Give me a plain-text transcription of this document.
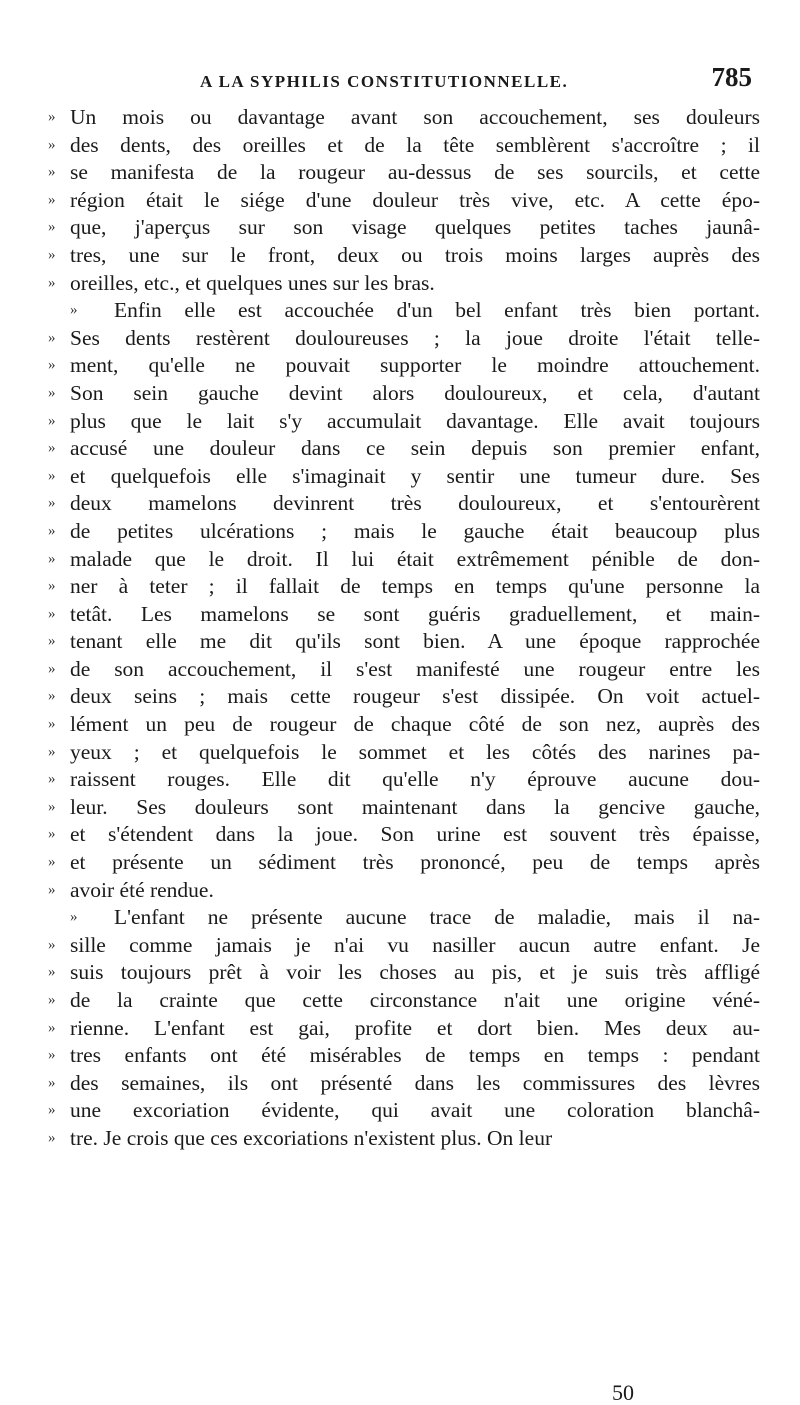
A LA SYPHILIS CONSTITUTIONNELLE.	785
» Un mois ou davantage avant son accouchement, ses douleurs
» des dents, des oreilles et de la tête semblèrent s'accroître ; il
» se manifesta de la rougeur au-dessus de ses sourcils, et cette
» région était le siége d'une douleur très vive, etc. A cette épo-
» que, j'aperçus sur son visage quelques petites taches jaunâ-
» tres, une sur le front, deux ou trois moins larges auprès des
» oreilles, etc., et quelques unes sur les bras.
»	Enfin elle est accouchée d'un bel enfant très bien portant.
» Ses dents restèrent douloureuses ; la joue droite l'était telle-
» ment, qu'elle ne pouvait supporter le moindre attouchement.
» Son sein gauche devint alors douloureux, et cela, d'autant
» plus que le lait s'y accumulait davantage. Elle avait toujours
» accusé une douleur dans ce sein depuis son premier enfant,
» et quelquefois elle s'imaginait y sentir une tumeur dure. Ses
» deux mamelons devinrent très douloureux, et s'entourèrent
» de petites ulcérations ; mais le gauche était beaucoup plus
» malade que le droit. Il lui était extrêmement pénible de don-
» ner à teter ; il fallait de temps en temps qu'une personne la
» tetât. Les mamelons se sont guéris graduellement, et main-
» tenant elle me dit qu'ils sont bien. A une époque rapprochée
» de son accouchement, il s'est manifesté une rougeur entre les
» deux seins ; mais cette rougeur s'est dissipée. On voit actuel-
» lément un peu de rougeur de chaque côté de son nez, auprès des
» yeux ; et quelquefois le sommet et les côtés des narines pa-
» raissent rouges. Elle dit qu'elle n'y éprouve aucune dou-
» leur. Ses douleurs sont maintenant dans la gencive gauche,
» et s'étendent dans la joue. Son urine est souvent très épaisse,
» et présente un sédiment très prononcé, peu de temps après
» avoir été rendue.
»	L'enfant ne présente aucune trace de maladie, mais il na-
» sille comme jamais je n'ai vu nasiller aucun autre enfant. Je
» suis toujours prêt à voir les choses au pis, et je suis très affligé
» de la crainte que cette circonstance n'ait une origine véné-
» rienne. L'enfant est gai, profite et dort bien. Mes deux au-
» tres enfants ont été misérables de temps en temps : pendant
» des semaines, ils ont présenté dans les commissures des lèvres
» une excoriation évidente, qui avait une coloration blanchâ-
» tre. Je crois que ces excoriations n'existent plus. On leur
50
